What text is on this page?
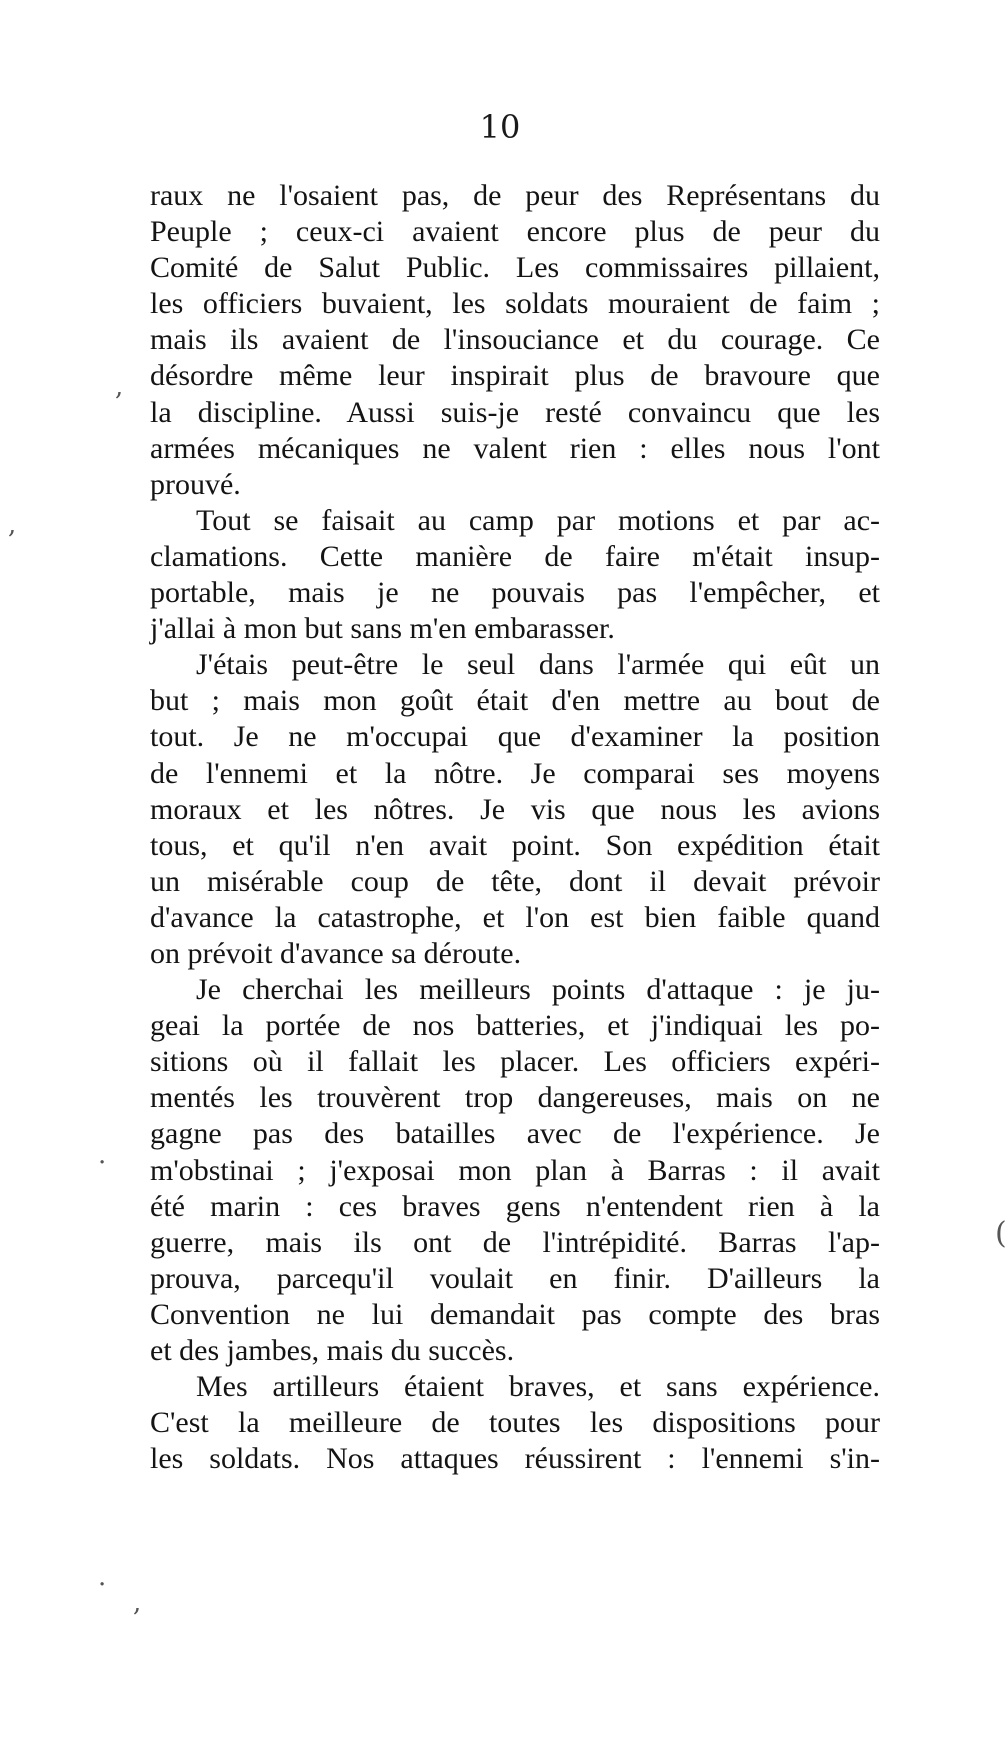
10
raux ne l'osaient pas, de peur des Représentans du
Peuple ; ceux-ci avaient encore plus de peur du
Comité de Salut Public. Les commissaires pillaient,
les officiers buvaient, les soldats mouraient de faim ;
mais ils avaient de l'insouciance et du courage. Ce
désordre même leur inspirait plus de bravoure que
la discipline. Aussi suis-je resté convaincu que les
armées mécaniques ne valent rien : elles nous l'ont
prouvé.
Tout se faisait au camp par motions et par ac-
clamations. Cette manière de faire m'était insup-
portable, mais je ne pouvais pas l'empêcher, et
j'allai à mon but sans m'en embarasser.
J'étais peut-être le seul dans l'armée qui eût un
but ; mais mon goût était d'en mettre au bout de
tout. Je ne m'occupai que d'examiner la position
de l'ennemi et la nôtre. Je comparai ses moyens
moraux et les nôtres. Je vis que nous les avions
tous, et qu'il n'en avait point. Son expédition était
un misérable coup de tête, dont il devait prévoir
d'avance la catastrophe, et l'on est bien faible quand
on prévoit d'avance sa déroute.
Je cherchai les meilleurs points d'attaque : je ju-
geai la portée de nos batteries, et j'indiquai les po-
sitions où il fallait les placer. Les officiers expéri-
mentés les trouvèrent trop dangereuses, mais on ne
gagne pas des batailles avec de l'expérience. Je
m'obstinai ; j'exposai mon plan à Barras : il avait
été marin : ces braves gens n'entendent rien à la
guerre, mais ils ont de l'intrépidité. Barras l'ap-
prouva, parcequ'il voulait en finir. D'ailleurs la
Convention ne lui demandait pas compte des bras
et des jambes, mais du succès.
Mes artilleurs étaient braves, et sans expérience.
C'est la meilleure de toutes les dispositions pour
les soldats. Nos attaques réussirent : l'ennemi s'in-
,
,
·
(
,
·
